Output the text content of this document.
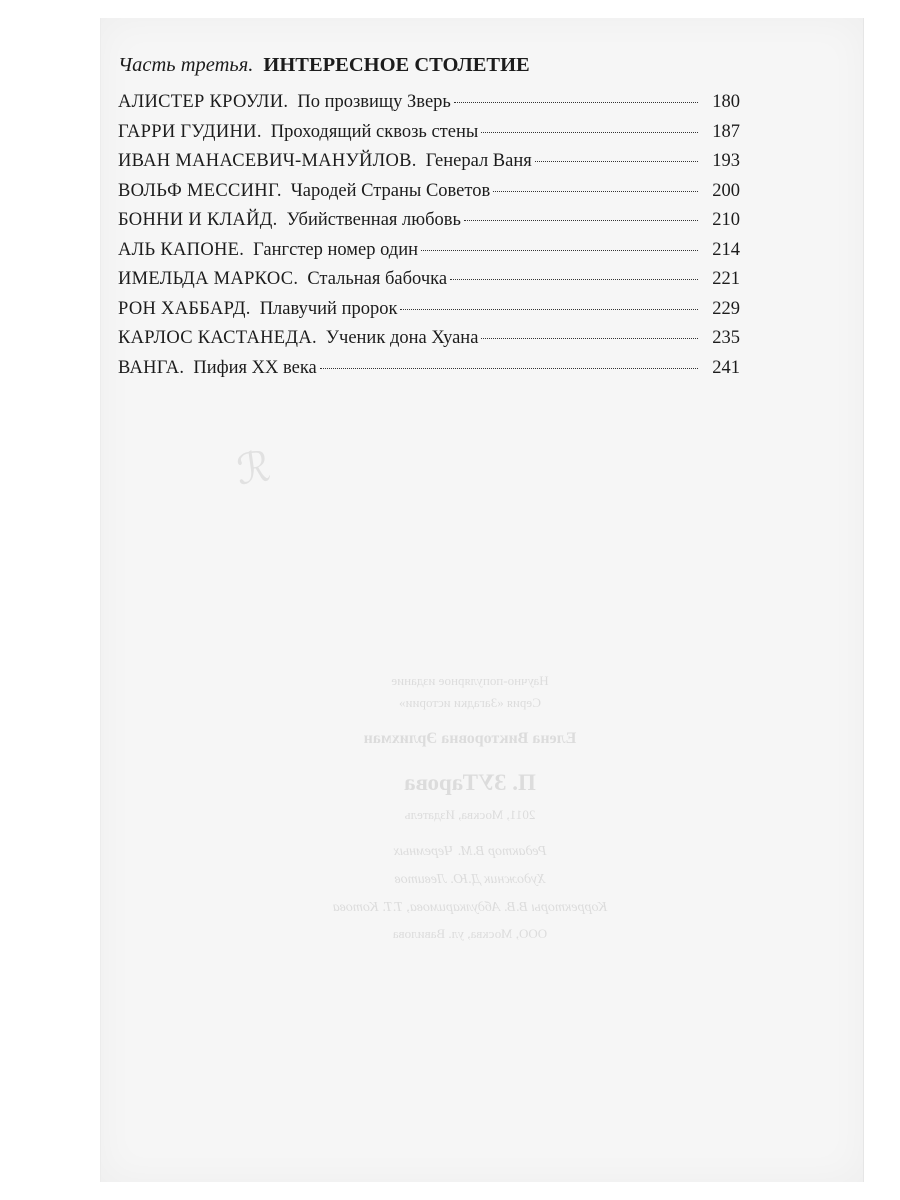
Часть третья. ИНТЕРЕСНОЕ СТОЛЕТИЕ
АЛИСТЕР КРОУЛИ. По прозвищу Зверь	180
ГАРРИ ГУДИНИ. Проходящий сквозь стены	187
ИВАН МАНАСЕВИЧ-МАНУЙЛОВ. Генерал Ваня	193
ВОЛЬФ МЕССИНГ. Чародей Страны Советов	200
БОННИ И КЛАЙД. Убийственная любовь	210
АЛЬ КАПОНЕ. Гангстер номер один	214
ИМЕЛЬДА МАРКОС. Стальная бабочка	221
РОН ХАББАРД. Плавучий пророк	229
КАРЛОС КАСТАНЕДА. Ученик дона Хуана	235
ВАНГА. Пифия XX века	241
ℛ
Научно-популярное издание
Серия «Загадки истории»
Елена Викторовна Эрлихман
П. ЗУТарова
2011, Москва, Издатель
Редактор В.М. Черемных
Художник Д.Ю. Левитов
Корректоры В.В. Абдулкаримова, Т.Т. Котова
ООО, Москва, ул. Вавилова
